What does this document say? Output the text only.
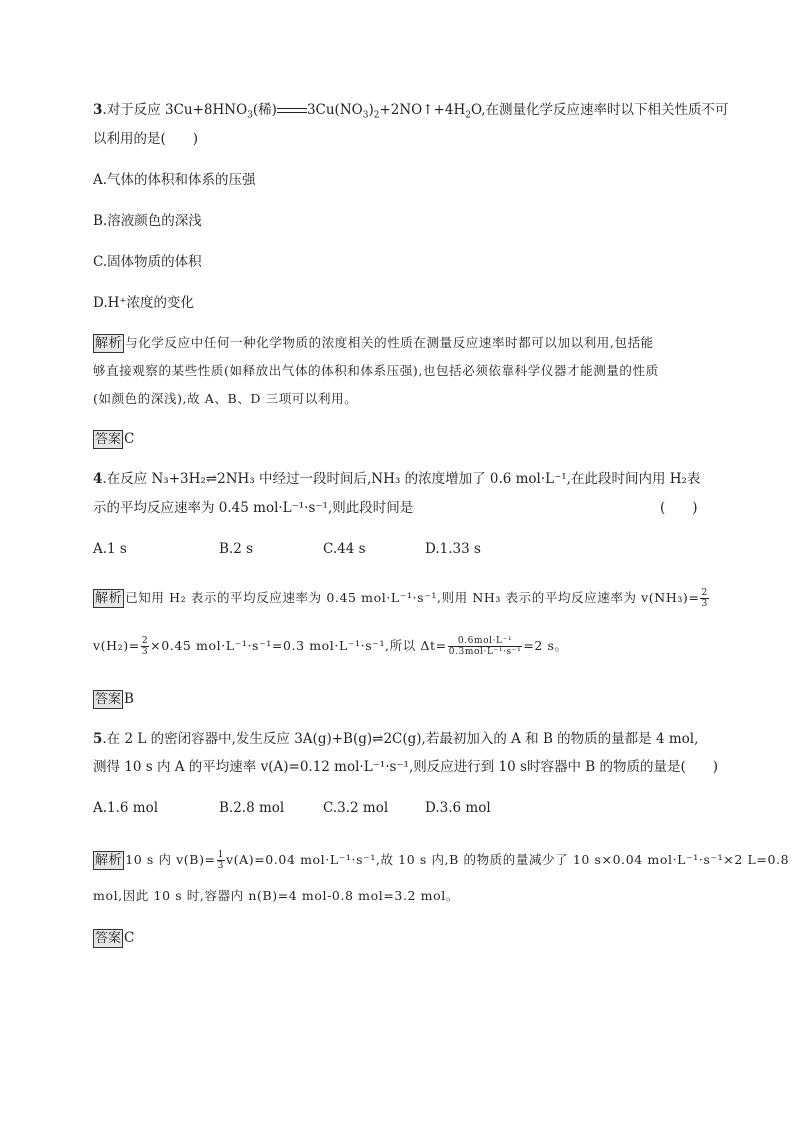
3.对于反应 $3Cu+8HNO_3$(稀) $3Cu(NO_3)_2+2NO↑+4H_2O$,在测量化学反应速率时以下相关性质不可
以利用的是(　　)
A.气体的体积和体系的压强
B.溶液颜色的深浅
C.固体物质的体积
D.H⁺浓度的变化
解析 与化学反应中任何一种化学物质的浓度相关的性质在测量反应速率时都可以加以利用,包括能
够直接观察的某些性质(如释放出气体的体积和体系压强),也包括必须依靠科学仪器才能测量的性质
(如颜色的深浅),故 A、B、D 三项可以利用。
答案 C
4.在反应 N₃+3H₂⇌2NH₃ 中经过一段时间后,NH₃ 的浓度增加了 0.6 mol·L⁻¹,在此段时间内用 H₂表
示的平均反应速率为 0.45 mol·L⁻¹·s⁻¹,则此段时间是	(　　)
A.1 s	B.2 s	C.44 s	D.1.33 s
解析 已知用 H₂ 表示的平均反应速率为 0.45 mol·L⁻¹·s⁻¹,则用 NH₃ 表示的平均反应速率为 $v(NH_3)= \frac{2}{3}$
$v(H_2)= \frac{2}{3} \times 0.45$ mol·L⁻¹·s⁻¹=0.3 mol·L⁻¹·s⁻¹,所以 $\Delta t= \frac{\text{0.6mol·L⁻¹}}{\text{0.3mol·L⁻¹·s⁻¹}} =2$ s。
答案 B
5.在 2 L 的密闭容器中,发生反应 3A(g)+B(g)⇌2C(g),若最初加入的 A 和 B 的物质的量都是 4 mol,
测得 10 s 内 A 的平均速率 v(A)=0.12 mol·L⁻¹·s⁻¹,则反应进行到 10 s时容器中 B 的物质的量是(　　)
A.1.6 mol	B.2.8 mol	C.3.2 mol	D.3.6 mol
解析 10 s 内 $v(B)= \frac{1}{3} v(A)=0.04$ mol·L⁻¹·s⁻¹,故 10 s 内,B 的物质的量减少了 10 s×0.04 mol·L⁻¹·s⁻¹×2 L=0.8
mol,因此 10 s 时,容器内 n(B)=4 mol-0.8 mol=3.2 mol。
答案 C
